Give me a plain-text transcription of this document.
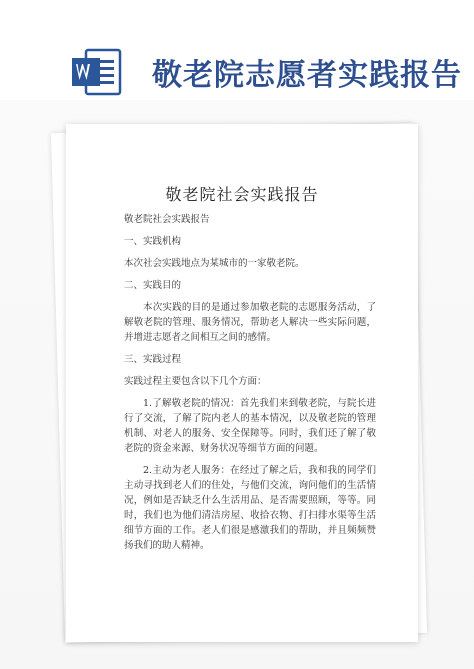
敬老院志愿者实践报告
敬老院社会实践报告

敬老院社会实践报告

一、实践机构

本次社会实践地点为某城市的一家敬老院。

二、实践目的

本次实践的目的是通过参加敬老院的志愿服务活动，了解敬老院的管理、服务情况，帮助老人解决一些实际问题，并增进志愿者之间相互之间的感情。

三、实践过程

实践过程主要包含以下几个方面：

1.了解敬老院的情况：首先我们来到敬老院，与院长进行了交流，了解了院内老人的基本情况，以及敬老院的管理机制、对老人的服务、安全保障等。同时，我们还了解了敬老院的资金来源、财务状况等细节方面的问题。

2.主动为老人服务：在经过了解之后，我和我的同学们主动寻找到老人们的住处，与他们交流，询问他们的生活情况，例如是否缺乏什么生活用品、是否需要照顾，等等。同时，我们也为他们清洁房屋、收拾衣物、打扫排水渠等生活细节方面的工作。老人们很是感激我们的帮助，并且频频赞扬我们的助人精神。
